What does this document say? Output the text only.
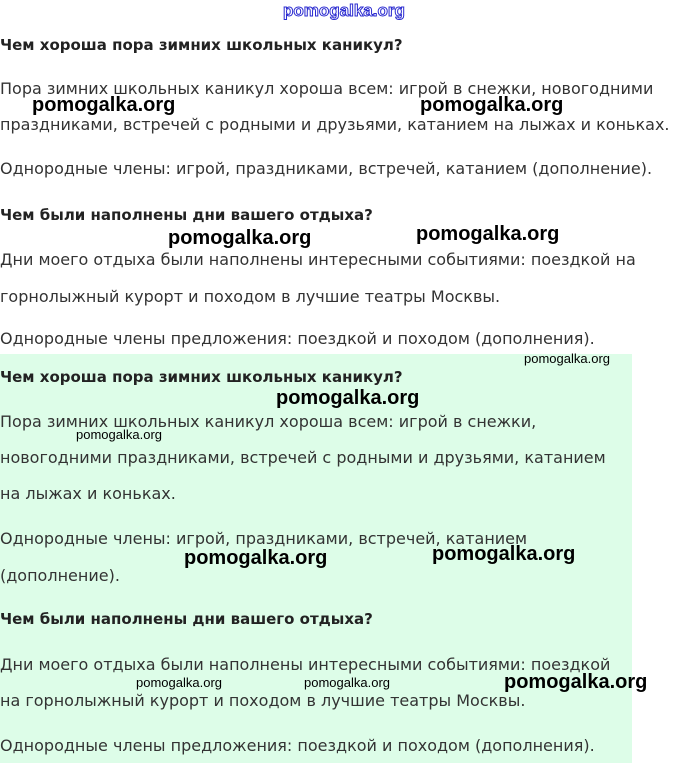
pomogalka.org

Чем хороша пора зимних школьных каникул?

Пора зимних школьных каникул хороша всем: игрой в снежки, новогодними

праздниками, встречей с родными и друзьями, катанием на лыжах и коньках.

Однородные члены: игрой, праздниками, встречей, катанием (дополнение).

Чем были наполнены дни вашего отдыха?

Дни моего отдыха были наполнены интересными событиями: поездкой на

горнолыжный курорт и походом в лучшие театры Москвы.

Однородные члены предложения: поездкой и походом (дополнения).

Чем хороша пора зимних школьных каникул?

Пора зимних школьных каникул хороша всем: игрой в снежки,

новогодними праздниками, встречей с родными и друзьями, катанием

на лыжах и коньках.

Однородные члены: игрой, праздниками, встречей, катанием

(дополнение).

Чем были наполнены дни вашего отдыха?

Дни моего отдыха были наполнены интересными событиями: поездкой

на горнолыжный курорт и походом в лучшие театры Москвы.

Однородные члены предложения: поездкой и походом (дополнения).

pomogalka.org	pomogalka.org
pomogalka.org	pomogalka.org
pomogalka.org
pomogalka.org
pomogalka.org
pomogalka.org	pomogalka.org
pomogalka.org	pomogalka.org	pomogalka.org
